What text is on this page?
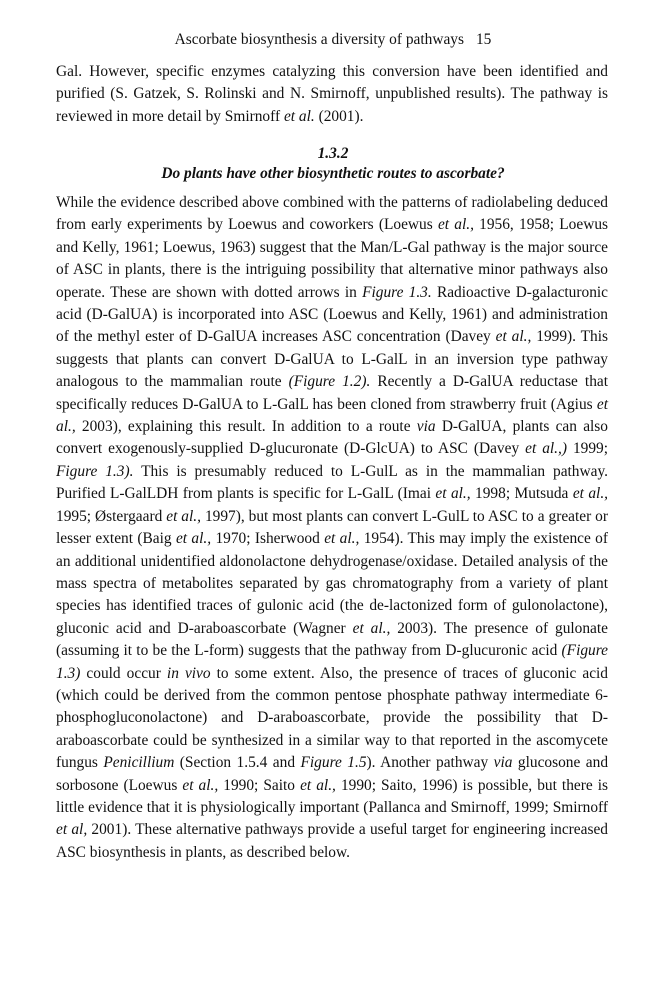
Ascorbate biosynthesis a diversity of pathways 15

Gal. However, specific enzymes catalyzing this conversion have been identified and purified (S. Gatzek, S. Rolinski and N. Smirnoff, unpublished results). The pathway is reviewed in more detail by Smirnoff et al. (2001).

1.3.2
Do plants have other biosynthetic routes to ascorbate?

While the evidence described above combined with the patterns of radiolabeling deduced from early experiments by Loewus and coworkers (Loewus et al., 1956, 1958; Loewus and Kelly, 1961; Loewus, 1963) suggest that the Man/L-Gal pathway is the major source of ASC in plants, there is the intriguing possibility that alternative minor pathways also operate. These are shown with dotted arrows in Figure 1.3. Radioactive D-galacturonic acid (D-GalUA) is incorporated into ASC (Loewus and Kelly, 1961) and administration of the methyl ester of D-GalUA increases ASC concentration (Davey et al., 1999). This suggests that plants can convert D-GalUA to L-GalL in an inversion type pathway analogous to the mammalian route (Figure 1.2). Recently a D-GalUA reductase that specifically reduces D-GalUA to L-GalL has been cloned from strawberry fruit (Agius et al., 2003), explaining this result. In addition to a route via D-GalUA, plants can also convert exogenously-supplied D-glucuronate (D-GlcUA) to ASC (Davey et al.,) 1999; Figure 1.3). This is presumably reduced to L-GulL as in the mammalian pathway. Purified L-GalLDH from plants is specific for L-GalL (Imai et al., 1998; Mutsuda et al., 1995; Østergaard et al., 1997), but most plants can convert L-GulL to ASC to a greater or lesser extent (Baig et al., 1970; Isherwood et al., 1954). This may imply the existence of an additional unidentified aldonolactone dehydrogenase/oxidase. Detailed analysis of the mass spectra of metabolites separated by gas chromatography from a variety of plant species has identified traces of gulonic acid (the de-lactonized form of gulonolactone), gluconic acid and D-araboascorbate (Wagner et al., 2003). The presence of gulonate (assuming it to be the L-form) suggests that the pathway from D-glucuronic acid (Figure 1.3) could occur in vivo to some extent. Also, the presence of traces of gluconic acid (which could be derived from the common pentose phosphate pathway intermediate 6-phosphogluconolactone) and D-araboascorbate, provide the possibility that D-araboascorbate could be synthesized in a similar way to that reported in the ascomycete fungus Penicillium (Section 1.5.4 and Figure 1.5). Another pathway via glucosone and sorbosone (Loewus et al., 1990; Saito et al., 1990; Saito, 1996) is possible, but there is little evidence that it is physiologically important (Pallanca and Smirnoff, 1999; Smirnoff et al, 2001). These alternative pathways provide a useful target for engineering increased ASC biosynthesis in plants, as described below.
